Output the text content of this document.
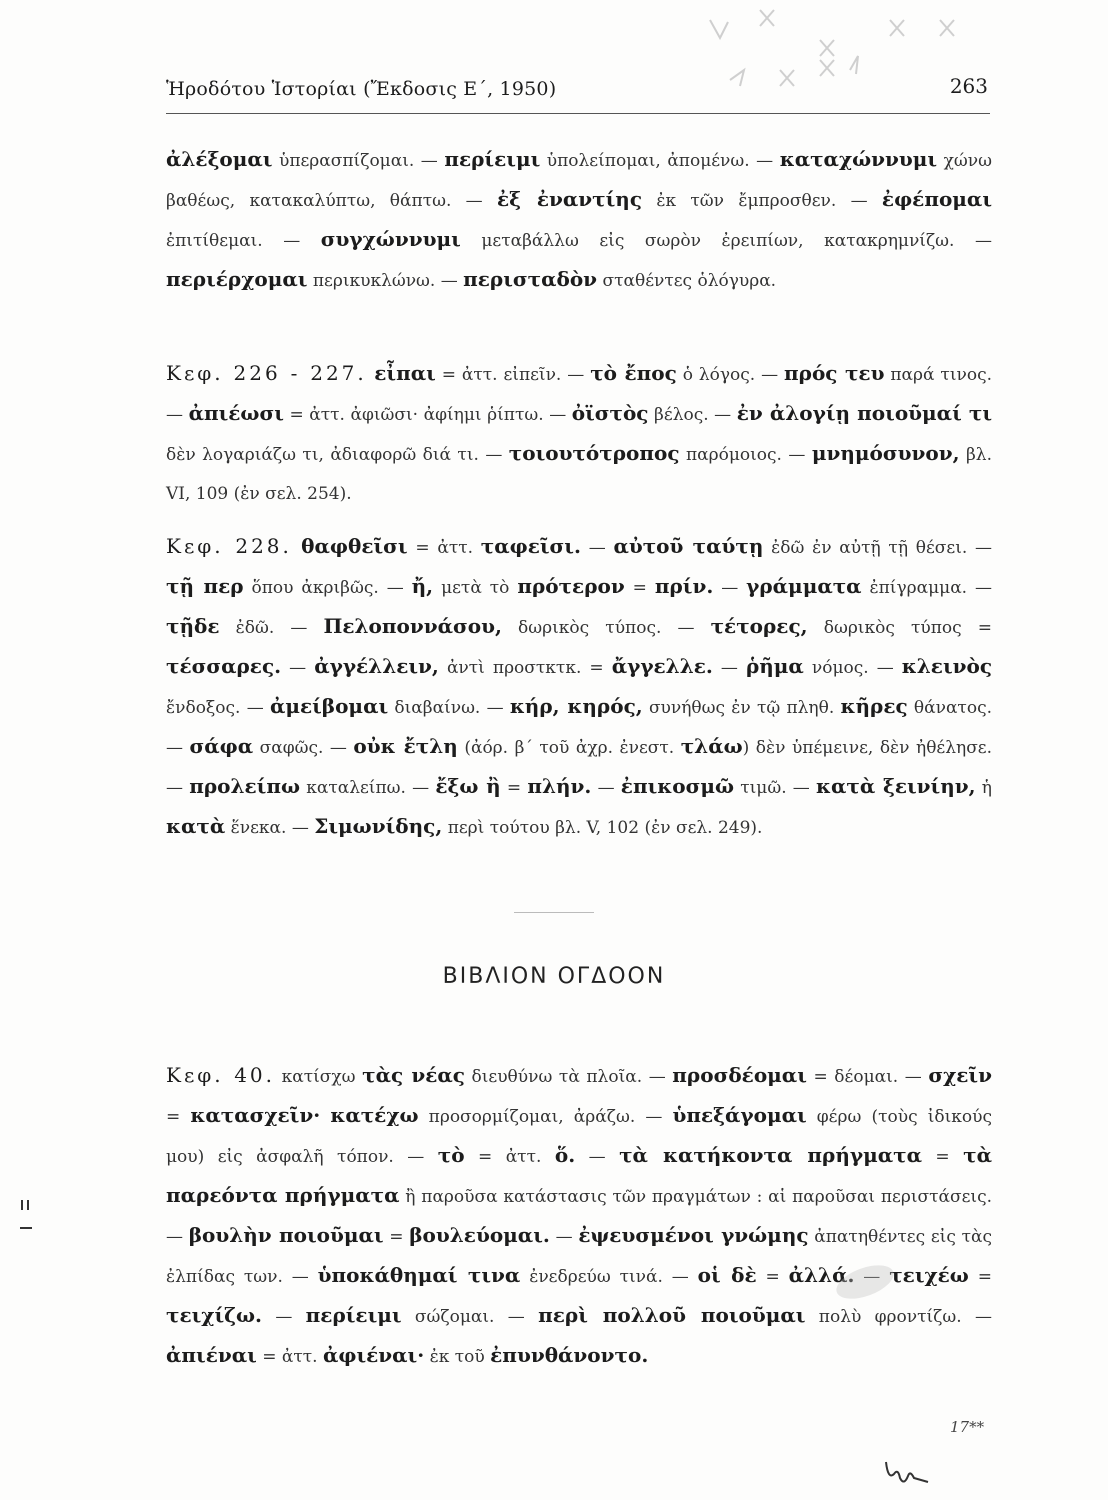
Ἡροδότου Ἱστορίαι (Ἔκδοσις Ε΄, 1950)	263

ἀλέξομαι ὑπερασπίζομαι. — περίειμι ὑπολείπομαι, ἀπομένω. — καταχώννυμι χώνω βαθέως, κατακαλύπτω, θάπτω. — ἐξ ἐναντίης ἐκ τῶν ἔμπροσθεν. — ἐφέπομαι ἐπιτίθεμαι. — συγχώννυμι μεταβάλλω εἰς σωρὸν ἐρειπίων, κατακρημνίζω. — περιέρχομαι περικυκλώνω. — περισταδὸν σταθέντες ὁλόγυρα.

Κεφ. 226 - 227. εἶπαι = ἀττ. εἰπεῖν. — τὸ ἔπος ὁ λόγος. — πρός τευ παρά τινος. — ἀπιέωσι = ἀττ. ἀφιῶσι· ἀφίημι ῥίπτω. — ὀϊστὸς βέλος. — ἐν ἀλογίῃ ποιοῦμαί τι δὲν λογαριάζω τι, ἀδιαφορῶ διά τι. — τοιουτότροπος παρόμοιος. — μνημόσυνον, βλ. VI, 109 (ἐν σελ. 254).

Κεφ. 228. θαφθεῖσι = ἀττ. ταφεῖσι. — αὐτοῦ ταύτῃ ἐδῶ ἐν αὐτῇ τῇ θέσει. — τῇ περ ὅπου ἀκριβῶς. — ἤ, μετὰ τὸ πρότερον = πρίν. — γράμματα ἐπίγραμμα. — τῇδε ἐδῶ. — Πελοποννάσου, δωρικὸς τύπος. — τέτορες, δωρικὸς τύπος = τέσσαρες. — ἀγγέλλειν, ἀντὶ προστκτκ. = ἄγγελλε. — ῥῆμα νόμος. — κλεινὸς ἔνδοξος. — ἀμείβομαι διαβαίνω. — κήρ, κηρός, συνήθως ἐν τῷ πληθ. κῆρες θάνατος. — σάφα σαφῶς. — οὐκ ἔτλη (ἀόρ. β΄ τοῦ ἀχρ. ἐνεστ. τλάω) δὲν ὑπέμεινε, δὲν ἠθέλησε. — προλείπω καταλείπω. — ἔξω ἢ = πλήν. — ἐπικοσμῶ τιμῶ. — κατὰ ξεινίην, ἡ κατὰ ἕνεκα. — Σιμωνίδης, περὶ τούτου βλ. V, 102 (ἐν σελ. 249).

ΒΙΒΛΙΟΝ ΟΓΔΟΟΝ

Κεφ. 40. κατίσχω τὰς νέας διευθύνω τὰ πλοῖα. — προσδέομαι = δέομαι. — σχεῖν = κατασχεῖν· κατέχω προσορμίζομαι, ἀράζω. — ὑπεξάγομαι φέρω (τοὺς ἰδικούς μου) εἰς ἀσφαλῆ τόπον. — τὸ = ἀττ. ὅ. — τὰ κατήκοντα πρήγματα = τὰ παρεόντα πρήγματα ἢ παροῦσα κατάστασις τῶν πραγμάτων : αἱ παροῦσαι περιστάσεις. — βουλὴν ποιοῦμαι = βουλεύομαι. — ἐψευσμένοι γνώμης ἀπατηθέντες εἰς τὰς ἐλπίδας των. — ὑποκάθημαί τινα ἐνεδρεύω τινά. — οἱ δὲ = ἀλλά. — τειχέω = τειχίζω. — περίειμι σώζομαι. — περὶ πολλοῦ ποιοῦμαι πολὺ φροντίζω. — ἀπιέναι = ἀττ. ἀφιέναι· ἐκ τοῦ ἐπυνθάνοντο.

17**
